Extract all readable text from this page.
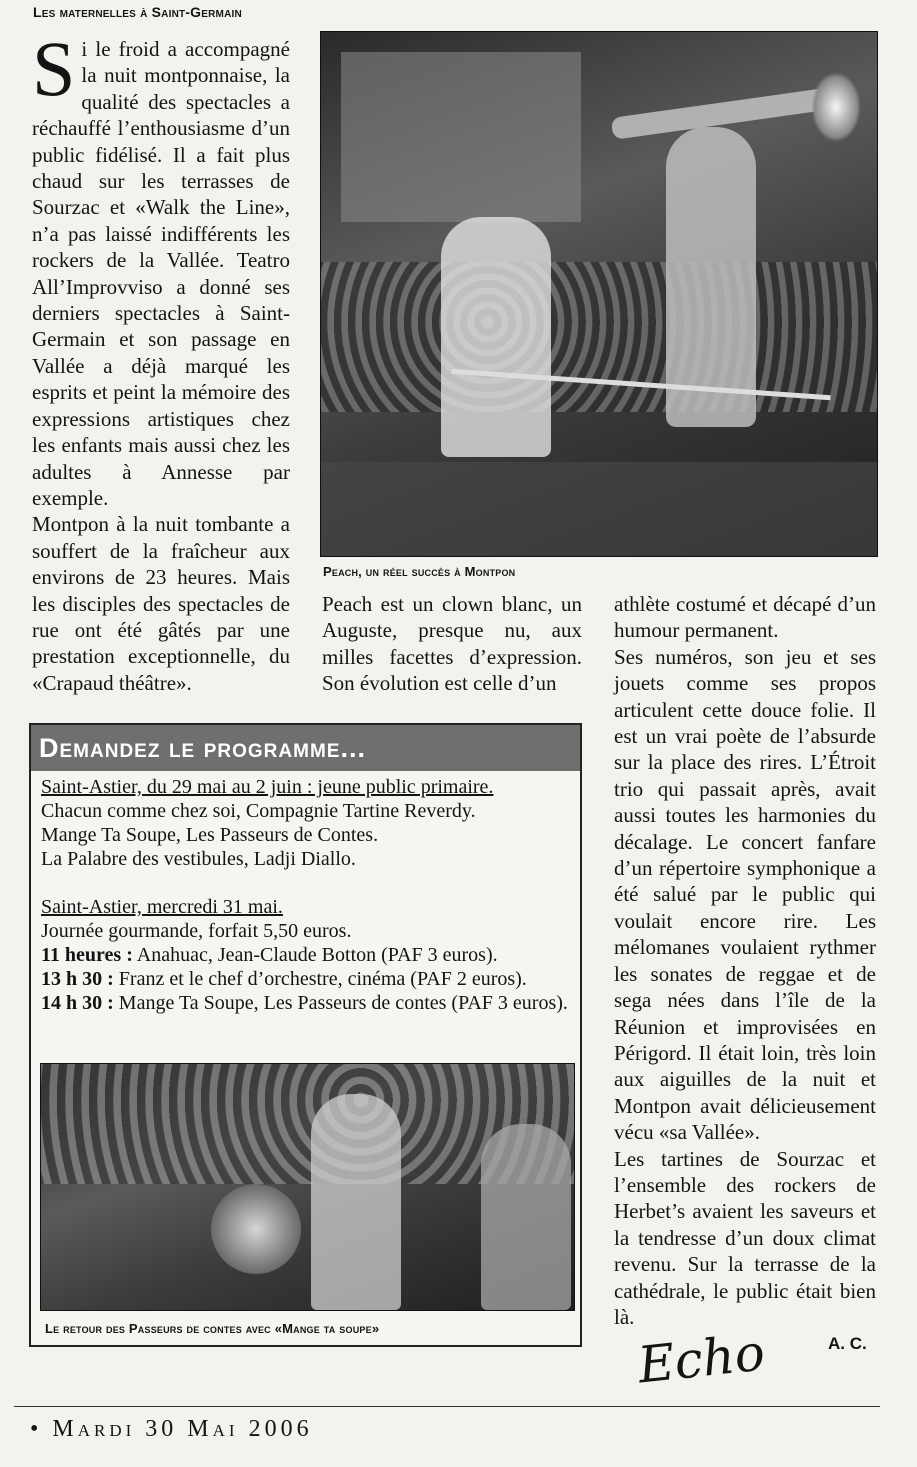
Les maternelles à Saint-Germain

Si le froid a accompagné la nuit montponnaise, la qualité des spectacles a réchauffé l’enthousiasme d’un public fidélisé. Il a fait plus chaud sur les terrasses de Sourzac et «Walk the Line», n’a pas laissé indifférents les rockers de la Vallée. Teatro All’Improvviso a donné ses derniers spectacles à Saint-Germain et son passage en Vallée a déjà marqué les esprits et peint la mémoire des expressions artistiques chez les enfants mais aussi chez les adultes à Annesse par exemple.

Montpon à la nuit tombante a souffert de la fraîcheur aux environs de 23 heures. Mais les disciples des spectacles de rue ont été gâtés par une prestation exceptionnelle, du «Crapaud théâtre».

Peach, un réel succès à Montpon
Peach est un clown blanc, un Auguste, presque nu, aux milles facettes d’expression. Son évolution est celle d’un

athlète costumé et décapé d’un humour permanent.

Ses numéros, son jeu et ses jouets comme ses propos articulent cette douce folie. Il est un vrai poète de l’absurde sur la place des rires. L’Étroit trio qui passait après, avait aussi toutes les harmonies du décalage. Le concert fanfare d’un répertoire symphonique a été salué par le public qui voulait encore rire. Les mélomanes voulaient rythmer les sonates de reggae et de sega nées dans l’île de la Réunion et improvisées en Périgord. Il était loin, très loin aux aiguilles de la nuit et Montpon avait délicieusement vécu «sa Vallée».

Les tartines de Sourzac et l’ensemble des rockers de Herbet’s avaient les saveurs et la tendresse d’un doux climat revenu. Sur la terrasse de la cathédrale, le public était bien là.

Demandez le programme...
Saint-Astier, du 29 mai au 2 juin : jeune public primaire.
Chacun comme chez soi, Compagnie Tartine Reverdy.
Mange Ta Soupe, Les Passeurs de Contes.
La Palabre des vestibules, Ladji Diallo.
Saint-Astier, mercredi 31 mai.
Journée gourmande, forfait 5,50 euros.
11 heures : Anahuac, Jean-Claude Botton (PAF 3 euros).
13 h 30 : Franz et le chef d’orchestre, cinéma (PAF 2 euros).
14 h 30 : Mange Ta Soupe, Les Passeurs de contes (PAF 3 euros).
Le retour des Passeurs de contes avec «Mange ta soupe»	Echo	A. C.
• Mardi 30 Mai 2006
